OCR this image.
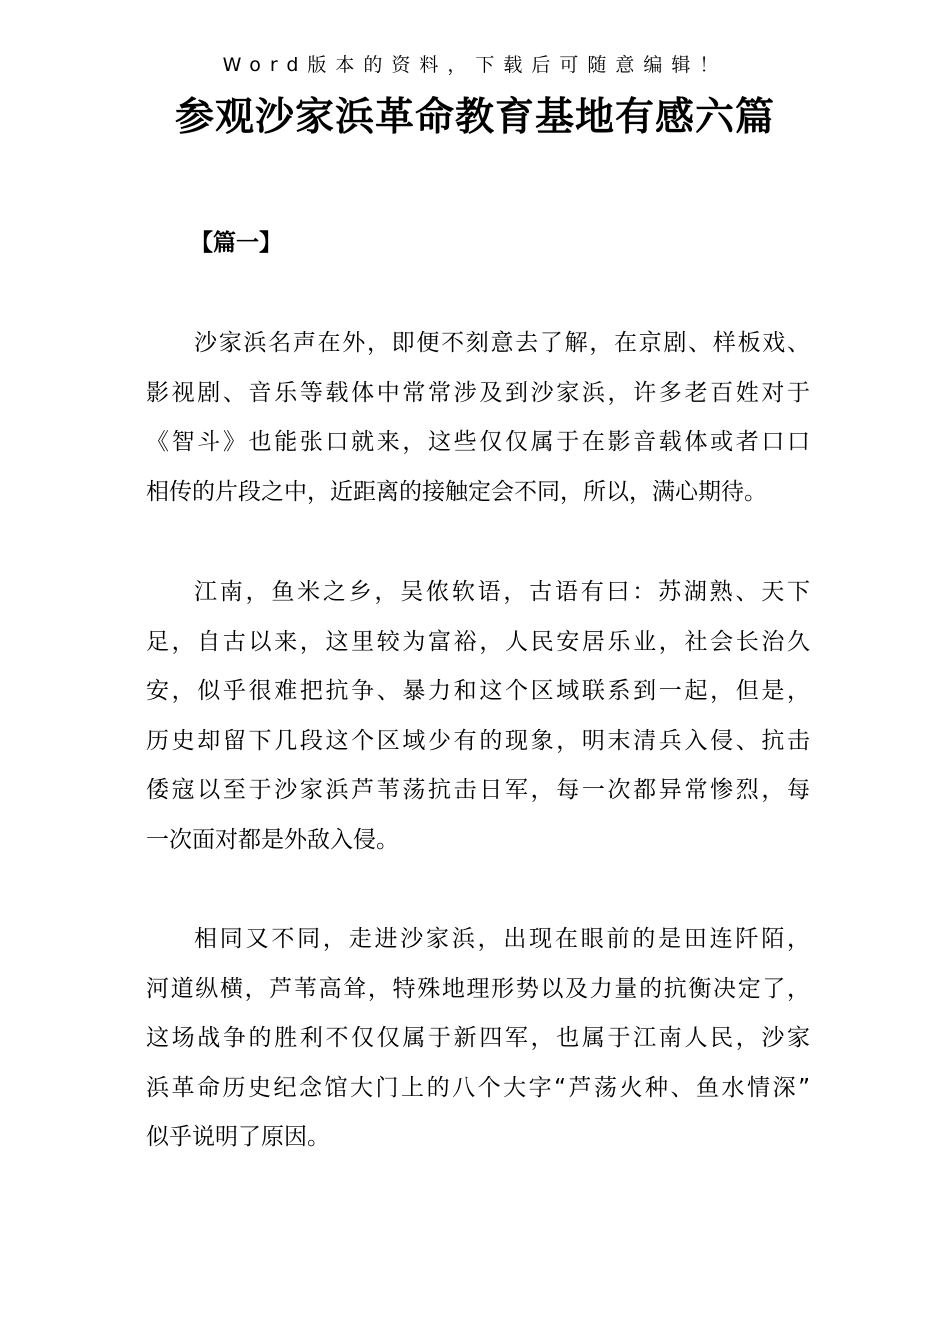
Word版本的资料，下载后可随意编辑！
参观沙家浜革命教育基地有感六篇
【篇一】
沙家浜名声在外，即便不刻意去了解，在京剧、样板戏、
影视剧、音乐等载体中常常涉及到沙家浜，许多老百姓对于
《智斗》也能张口就来，这些仅仅属于在影音载体或者口口
相传的片段之中，近距离的接触定会不同，所以，满心期待。
江南，鱼米之乡，吴侬软语，古语有曰：苏湖熟、天下
足，自古以来，这里较为富裕，人民安居乐业，社会长治久
安，似乎很难把抗争、暴力和这个区域联系到一起，但是，
历史却留下几段这个区域少有的现象，明末清兵入侵、抗击
倭寇以至于沙家浜芦苇荡抗击日军，每一次都异常惨烈，每
一次面对都是外敌入侵。
相同又不同，走进沙家浜，出现在眼前的是田连阡陌，
河道纵横，芦苇高耸，特殊地理形势以及力量的抗衡决定了，
这场战争的胜利不仅仅属于新四军，也属于江南人民，沙家
浜革命历史纪念馆大门上的八个大字“芦荡火种、鱼水情深”
似乎说明了原因。
